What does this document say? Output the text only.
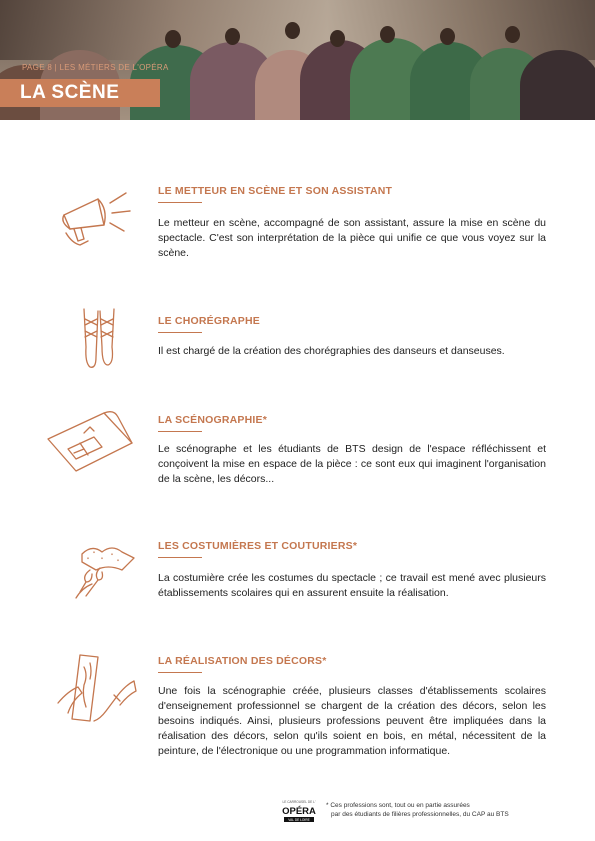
PAGE 8 | LES MÉTIERS DE L'OPÉRA
LA SCÈNE
LE METTEUR EN SCÈNE ET SON ASSISTANT
Le metteur en scène, accompagné de son assistant, assure la mise en scène du spectacle. C'est son interprétation de la pièce qui unifie ce que vous voyez sur la scène.
LE CHORÉGRAPHE
Il est chargé de la création des chorégraphies des danseurs et danseuses.
LA SCÉNOGRAPHIE*
Le scénographe et les étudiants de BTS design de l'espace réfléchissent et conçoivent la mise en espace de la pièce : ce sont eux qui imaginent l'organisation de la scène, les décors...
LES COSTUMIÈRES ET COUTURIERS*
La costumière crée les costumes du spectacle ; ce travail est mené avec plusieurs établissements scolaires qui en assurent ensuite la réalisation.
LA RÉALISATION DES DÉCORS*
Une fois la scénographie créée, plusieurs classes d'établissements scolaires d'enseignement professionnel se chargent de la création des décors, selon les besoins indiqués. Ainsi, plusieurs professions peuvent être impliquées dans la réalisation des décors, selon qu'ils soient en bois, en métal, nécessitent de la peinture, de l'électronique ou une programmation informatique.
LE CARROUSEL DE L'
OPÉRA
VAL DE LOIRE
* Ces professions sont, tout ou en partie assurées
par des étudiants de filières professionnelles, du CAP au BTS
